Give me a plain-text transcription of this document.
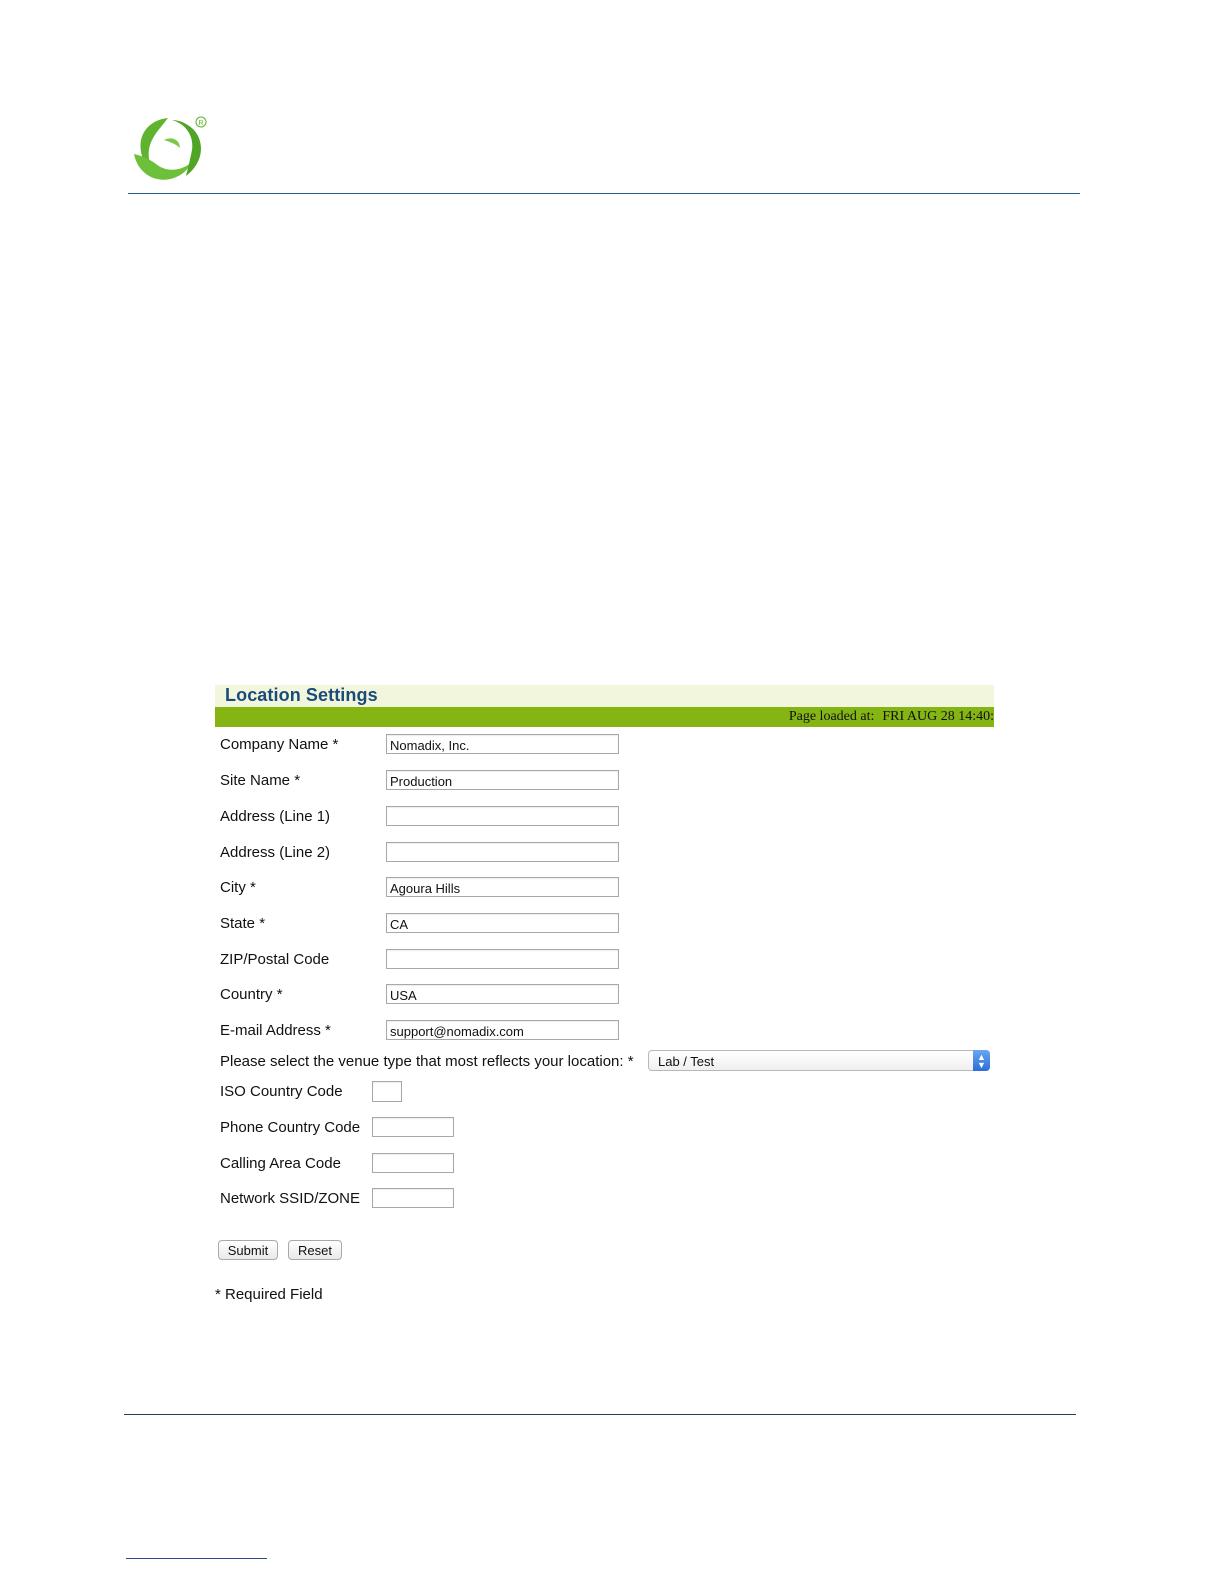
R
Location Settings
Page loaded at: FRI AUG 28 14:40:
Company Name *	Nomadix, Inc.
Site Name *	Production
Address (Line 1)
Address (Line 2)
City *	Agoura Hills
State *	CA
ZIP/Postal Code
Country *	USA
E-mail Address *	support@nomadix.com
Please select the venue type that most reflects your location: * Lab / Test	▲
▼
ISO Country Code
Phone Country Code
Calling Area Code
Network SSID/ZONE
Submit	Reset
* Required Field
